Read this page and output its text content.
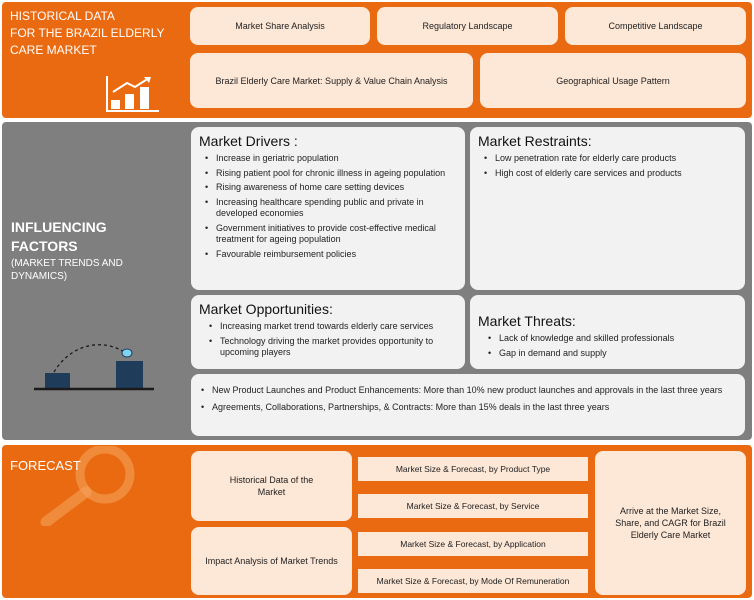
HISTORICAL DATA
FOR THE BRAZIL ELDERLY
CARE MARKET
Market Share Analysis	Regulatory Landscape	Competitive Landscape
Brazil Elderly Care Market: Supply & Value Chain Analysis	Geographical Usage Pattern
INFLUENCING
FACTORS
(MARKET TRENDS AND
DYNAMICS)
Market Drivers :
• Increase in geriatric population
• Rising patient pool for chronic illness in ageing population
• Rising awareness of home care setting devices
• Increasing healthcare spending public and private in developed economies
• Government initiatives to provide cost-effective medical treatment for ageing population
• Favourable reimbursement policies
Market Restraints:
• Low penetration rate for elderly care products
• High cost of elderly care services and products
Market Opportunities:
• Increasing market trend towards elderly care services
• Technology driving the market provides opportunity to upcoming players
Market Threats:
• Lack of knowledge and skilled professionals
• Gap in demand and supply
• New Product Launches and Product Enhancements: More than 10% new product launches and approvals in the last three years
• Agreements, Collaborations, Partnerships, & Contracts: More than 15% deals in the last three years
FORECAST
Historical Data of the Market
Impact Analysis of Market Trends
Market Size & Forecast, by Product Type
Market Size & Forecast, by Service
Market Size & Forecast, by Application
Market Size & Forecast, by Mode Of Remuneration
Arrive at the Market Size, Share, and CAGR for Brazil Elderly Care Market
